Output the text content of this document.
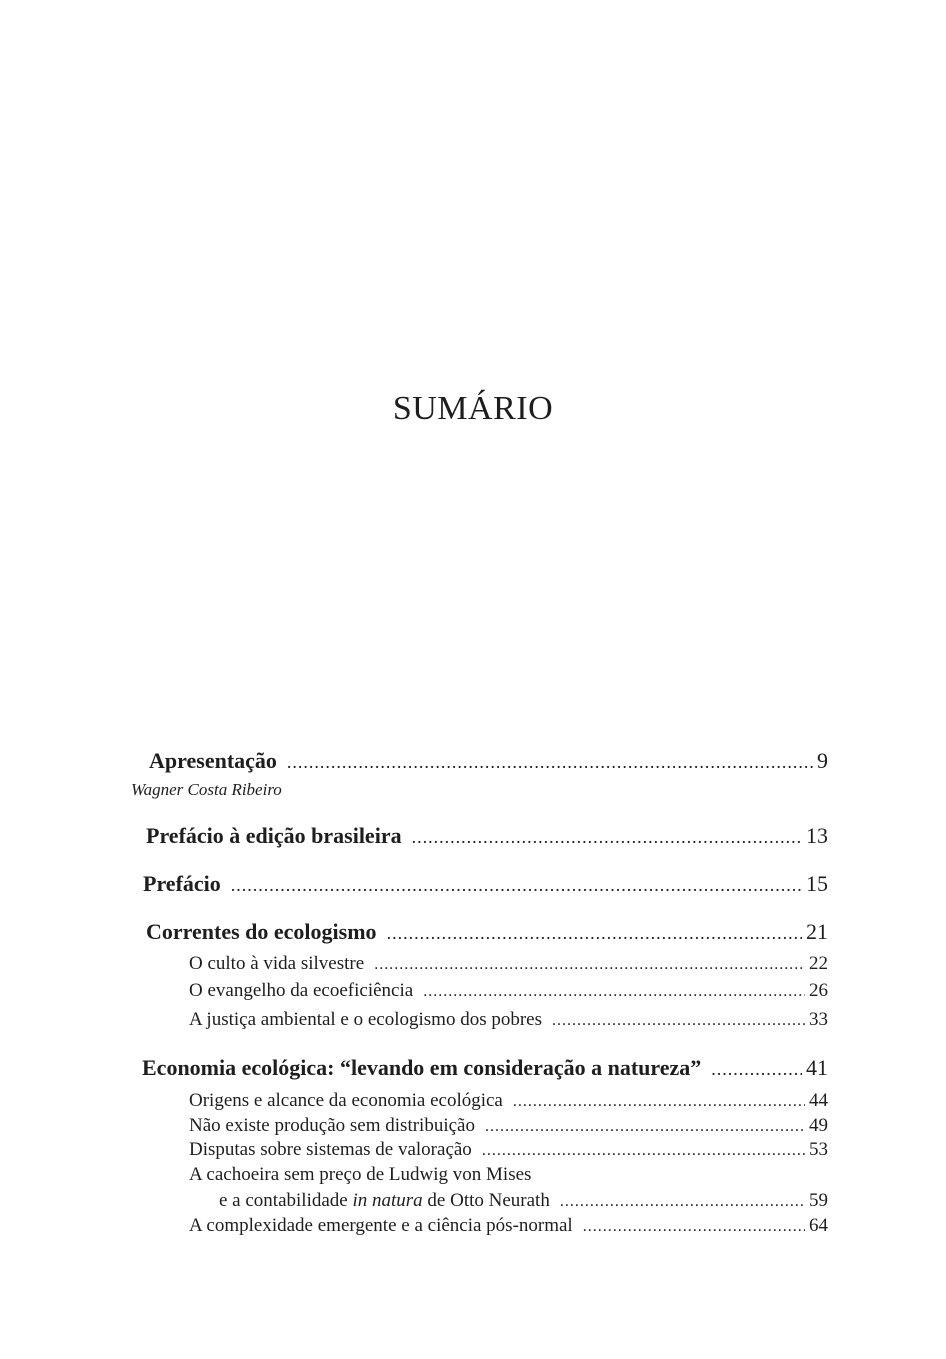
SUMÁRIO
Apresentação .....	9
Wagner Costa Ribeiro
Prefácio à edição brasileira .....	13
Prefácio .....	15
Correntes do ecologismo .....	21
O culto à vida silvestre .....	22
O evangelho da ecoeficiência .....	26
A justiça ambiental e o ecologismo dos pobres .....	33
Economia ecológica: “levando em consideração a natureza” .....	41
Origens e alcance da economia ecológica .....	44
Não existe produção sem distribuição .....	49
Disputas sobre sistemas de valoração .....	53
A cachoeira sem preço de Ludwig von Mises
e a contabilidade in natura de Otto Neurath .....	59
A complexidade emergente e a ciência pós-normal .....	64
